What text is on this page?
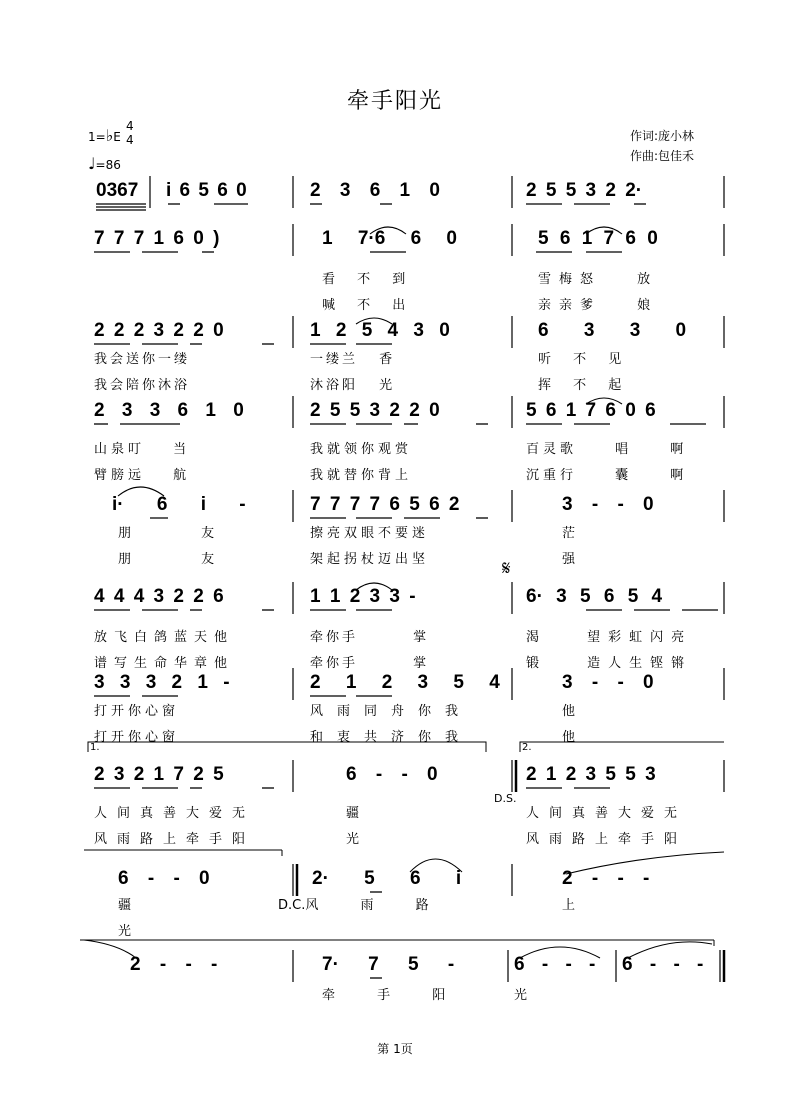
牵手阳光
1=♭E
4
4
♩=86
作词:庞小林
作曲:包佳禾
0367 i 6 5 6 0	2 3 6 1 0	2 5 5 3 2 2·
7 7 7 1 6 0 )	1 7·6 6 0	5 6 1 7 6 0
看 不 到	雪梅怒 放
喊 不 出	亲亲爹 娘
2 2 2 3 2 2 0	1 2 5 4 3 0	6 3 3 0
我会送你一缕	一缕兰 香	听 不 见
我会陪你沐浴	沐浴阳 光	挥 不 起
2 3 3 6 1 0	2 5 5 3 2 2 0	5 6 1 7 6 0 6
山泉叮 当	我就领你观赏	百灵歌 唱 啊
臂膀远 航	我就替你背上	沉重行 囊 啊
i· 6 i -	7 7 7 7 6 5 6 2	3 - - 0
朋 友	擦亮双眼不要迷	茫
朋 友	架起拐杖迈出坚	强
𝄋
4 4 4 3 2 2 6	1 1 2 3 3 -	6· 3 5 6 5 4
放飞白鸽蓝天他	牵你手 掌	渴 望彩虹闪亮
谱写生命华章他	牵你手 掌	锻 造人生铿锵
3 3 3 2 1 -	2 1 2 3 5 4	3 - - 0
打开你心窗	风雨同舟你我	他
打开你心窗	和衷共济你我	他
1.	2.
2 3 2 1 7 2 5	6 - - 0	2 1 2 3 5 5 3
D.S.
人间真善大爱无	疆	人间真善大爱无
风雨路上牵手阳	光	风雨路上牵手阳
6 - - 0	2· 5 6 i	2 - - -
疆	D.C.风 雨 路	上
光
2 - - -	7· 7 5 -	6 - - - 6 - - -
牵 手 阳	光
第 1页
